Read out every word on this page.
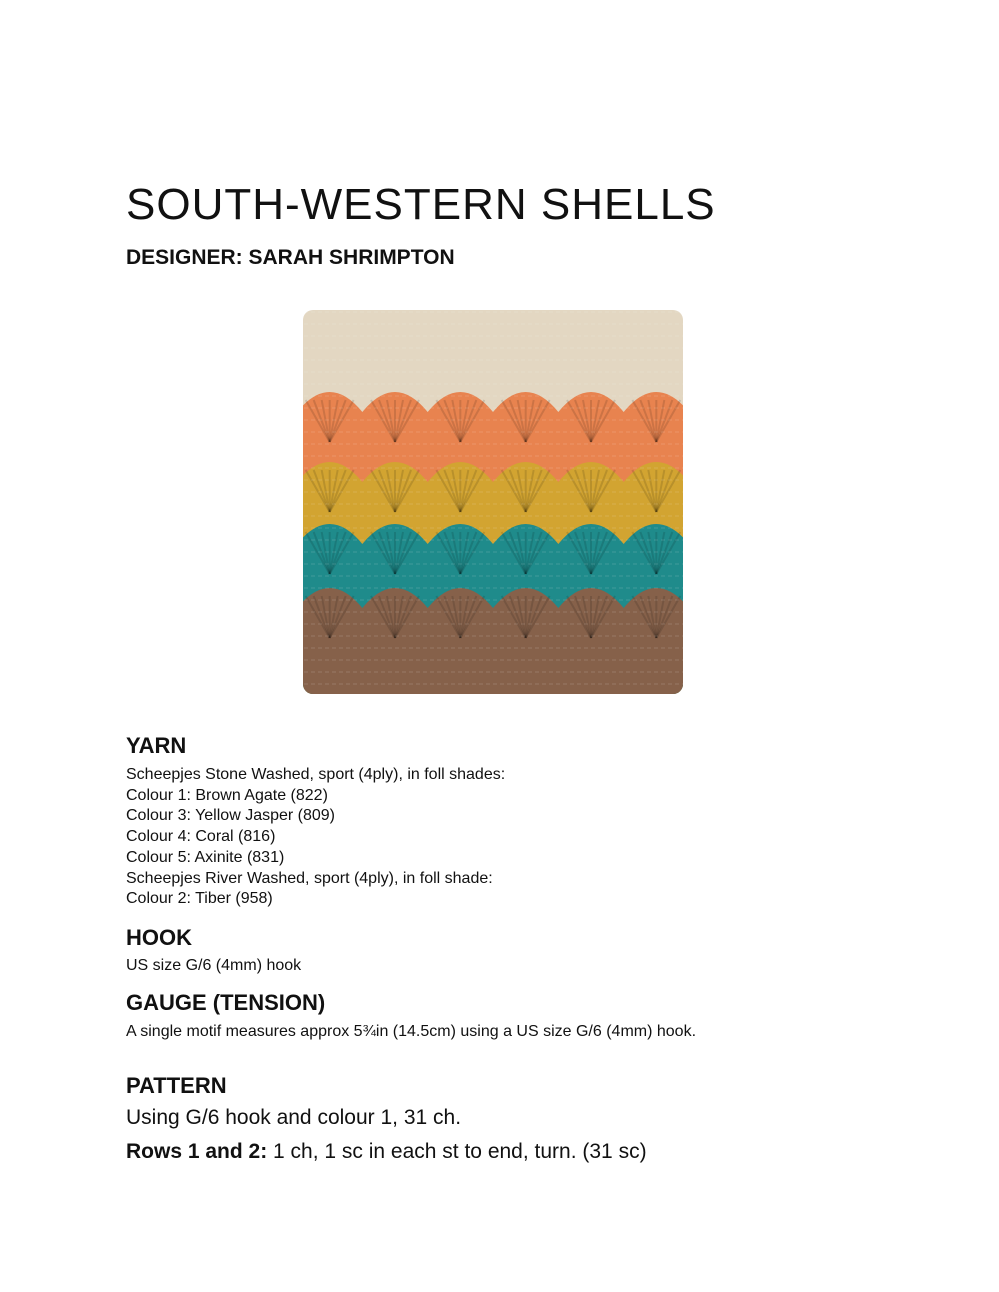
SOUTH-WESTERN SHELLS
DESIGNER: SARAH SHRIMPTON
YARN
Scheepjes Stone Washed, sport (4ply), in foll shades:
Colour 1: Brown Agate (822)
Colour 3: Yellow Jasper (809)
Colour 4: Coral (816)
Colour 5: Axinite (831)
Scheepjes River Washed, sport (4ply), in foll shade:
Colour 2: Tiber (958)
HOOK
US size G/6 (4mm) hook
GAUGE (TENSION)
A single motif measures approx 5¾in (14.5cm) using a US size G/6 (4mm) hook.
PATTERN
Using G/6 hook and colour 1, 31 ch.
Rows 1 and 2: 1 ch, 1 sc in each st to end, turn. (31 sc)
